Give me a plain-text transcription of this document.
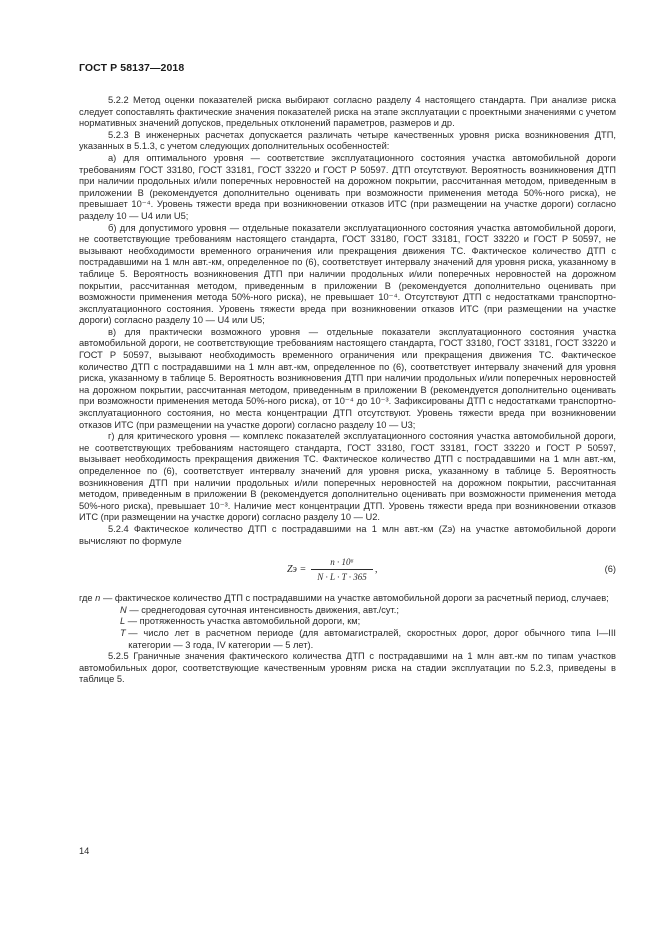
ГОСТ Р 58137—2018

5.2.2 Метод оценки показателей риска выбирают согласно разделу 4 настоящего стандарта. При анализе риска следует сопоставлять фактические значения показателей риска на этапе эксплуатации с проектными значениями с учетом нормативных значений допусков, предельных отклонений параметров, размеров и др.

5.2.3 В инженерных расчетах допускается различать четыре качественных уровня риска возникновения ДТП, указанных в 5.1.3, с учетом следующих дополнительных особенностей:

а) для оптимального уровня — соответствие эксплуатационного состояния участка автомобильной дороги требованиям ГОСТ 33180, ГОСТ 33181, ГОСТ 33220 и ГОСТ Р 50597. ДТП отсутствуют. Вероятность возникновения ДТП при наличии продольных и/или поперечных неровностей на дорожном покрытии, рассчитанная методом, приведенным в приложении В (рекомендуется дополнительно оценивать при возможности применения метода 50%-ного риска), не превышает 10⁻⁴. Уровень тяжести вреда при возникновении отказов ИТС (при размещении на участке дороги) согласно разделу 10 — U4 или U5;

б) для допустимого уровня — отдельные показатели эксплуатационного состояния участка автомобильной дороги, не соответствующие требованиям настоящего стандарта, ГОСТ 33180, ГОСТ 33181, ГОСТ 33220 и ГОСТ Р 50597, не вызывают необходимости временного ограничения или прекращения движения ТС. Фактическое количество ДТП с пострадавшими на 1 млн авт.-км, определенное по (6), соответствует интервалу значений для уровня риска, указанному в таблице 5. Вероятность возникновения ДТП при наличии продольных и/или поперечных неровностей на дорожном покрытии, рассчитанная методом, приведенным в приложении В (рекомендуется дополнительно оценивать при возможности применения метода 50%-ного риска), не превышает 10⁻⁴. Отсутствуют ДТП с недостатками транспортно-эксплуатационного состояния. Уровень тяжести вреда при возникновении отказов ИТС (при размещении на участке дороги) согласно разделу 10 — U4 или U5;

в) для практически возможного уровня — отдельные показатели эксплуатационного состояния участка автомобильной дороги, не соответствующие требованиям настоящего стандарта, ГОСТ 33180, ГОСТ 33181, ГОСТ 33220 и ГОСТ Р 50597, вызывают необходимость временного ограничения или прекращения движения ТС. Фактическое количество ДТП с пострадавшими на 1 млн авт.-км, определенное по (6), соответствует интервалу значений для уровня риска, указанному в таблице 5. Вероятность возникновения ДТП при наличии продольных и/или поперечных неровностей на дорожном покрытии, рассчитанная методом, приведенным в приложении В (рекомендуется дополнительно оценивать при возможности применения метода 50%-ного риска), от 10⁻⁴ до 10⁻³. Зафиксированы ДТП с недостатками транспортно-эксплуатационного состояния, но места концентрации ДТП отсутствуют. Уровень тяжести вреда при возникновении отказов ИТС (при размещении на участке дороги) согласно разделу 10 — U3;

г) для критического уровня — комплекс показателей эксплуатационного состояния участка автомобильной дороги, не соответствующих требованиям настоящего стандарта, ГОСТ 33180, ГОСТ 33181, ГОСТ 33220 и ГОСТ Р 50597, вызывает необходимость прекращения движения ТС. Фактическое количество ДТП с пострадавшими на 1 млн авт.-км, определенное по (6), соответствует интервалу значений для уровня риска, указанному в таблице 5. Вероятность возникновения ДТП при наличии продольных и/или поперечных неровностей на дорожном покрытии, рассчитанная методом, приведенным в приложении В (рекомендуется дополнительно оценивать при возможности применения метода 50%-ного риска), превышает 10⁻³. Наличие мест концентрации ДТП. Уровень тяжести вреда при возникновении отказов ИТС (при размещении на участке дороги) согласно разделу 10 — U2.

5.2.4 Фактическое количество ДТП с пострадавшими на 1 млн авт.-км (Zэ) на участке автомобильной дороги вычисляют по формуле

Zэ = $\frac{\text{n · 10⁶}}{N \cdot L \cdot T \cdot 365}$ ,	(6)
где n — фактическое количество ДТП с пострадавшими на участке автомобильной дороги за расчетный период, случаев;
N
— среднегодовая суточная интенсивность движения, авт./сут.;
L
— протяженность участка автомобильной дороги, км;
T
— число лет в расчетном периоде (для автомагистралей, скоростных дорог, дорог обычного типа I—III категории — 3 года, IV категории — 5 лет).

5.2.5 Граничные значения фактического количества ДТП с пострадавшими на 1 млн авт.-км по типам участков автомобильных дорог, соответствующие качественным уровням риска на стадии эксплуатации по 5.2.3, приведены в таблице 5.

14
